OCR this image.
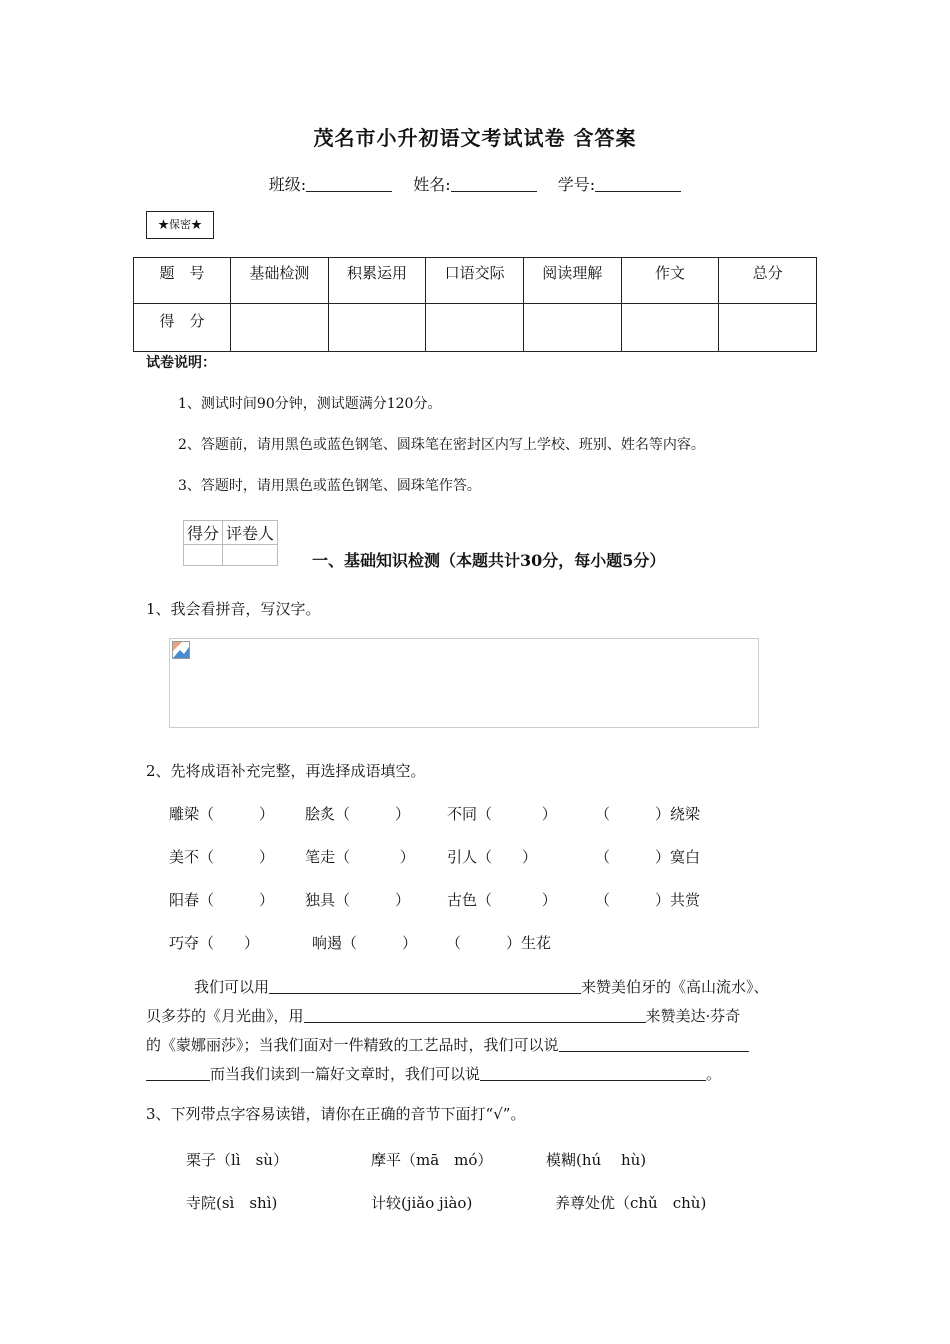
茂名市小升初语文考试试卷 含答案
班级:	姓名:	学号:
★保密★
题　号	基础检测	积累运用	口语交际	阅读理解	作文	总分
得　分						
试卷说明：
1、测试时间90分钟，测试题满分120分。
2、答题前，请用黑色或蓝色钢笔、圆珠笔在密封区内写上学校、班别、姓名等内容。
3、答题时，请用黑色或蓝色钢笔、圆珠笔作答。
得分	评卷人

一、基础知识检测（本题共计30分，每小题5分）
1、我会看拼音，写汉字。
2、先将成语补充完整，再选择成语填空。
雕梁（　　　） 脍炙（　　　） 不同（　　　 ）	（　　　）绕梁
美不（　　　） 笔走（　　　 ） 引人（　　）	（　　　）寞白
阳春（　　　） 独具（　　　） 古色（　　　 ）	（　　　）共赏
巧夺（　　）	响遏（　　　） （　　　）生花
我们可以用	来赞美伯牙的《高山流水》、
贝多芬的《月光曲》，用	来赞美达·芬奇
的《蒙娜丽莎》；当我们面对一件精致的工艺品时，我们可以说
而当我们读到一篇好文章时，我们可以说	。
3、下列带点字容易读错，请你在正确的音节下面打“√”。
栗子（lì　sù）	摩平（mā　mó）	模糊(hú　 hù)
寺院(sì　shì)	计较(jiǎo jiào)	养尊处优（chǔ　chù)
